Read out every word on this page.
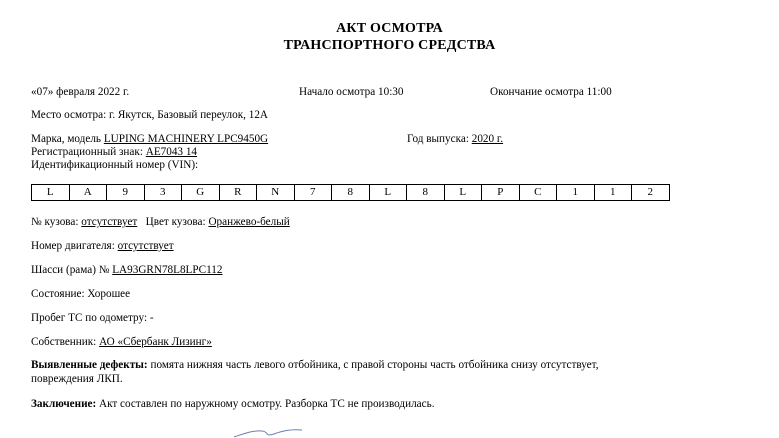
АКТ ОСМОТРА
ТРАНСПОРТНОГО СРЕДСТВА
«07» февраля 2022 г.	Начало осмотра 10:30	Окончание осмотра 11:00
Место осмотра: г. Якутск, Базовый переулок, 12А
Марка, модель LUPING MACHINERY LPC9450G	Год выпуска: 2020 г.
Регистрационный знак: АЕ7043 14
Идентификационный номер (VIN):
L	A	9	3	G	R	N	7	8	L	8	L	P	C	1	1	2
№ кузова: отсутствует Цвет кузова: Оранжево-белый
Номер двигателя: отсутствует
Шасси (рама) № LA93GRN78L8LPC112
Состояние: Хорошее
Пробег ТС по одометру: -
Собственник: АО «Сбербанк Лизинг»
Выявленные дефекты: помята нижняя часть левого отбойника, с правой стороны часть отбойника снизу отсутствует,
повреждения ЛКП.
Заключение: Акт составлен по наружному осмотру. Разборка ТС не производилась.
